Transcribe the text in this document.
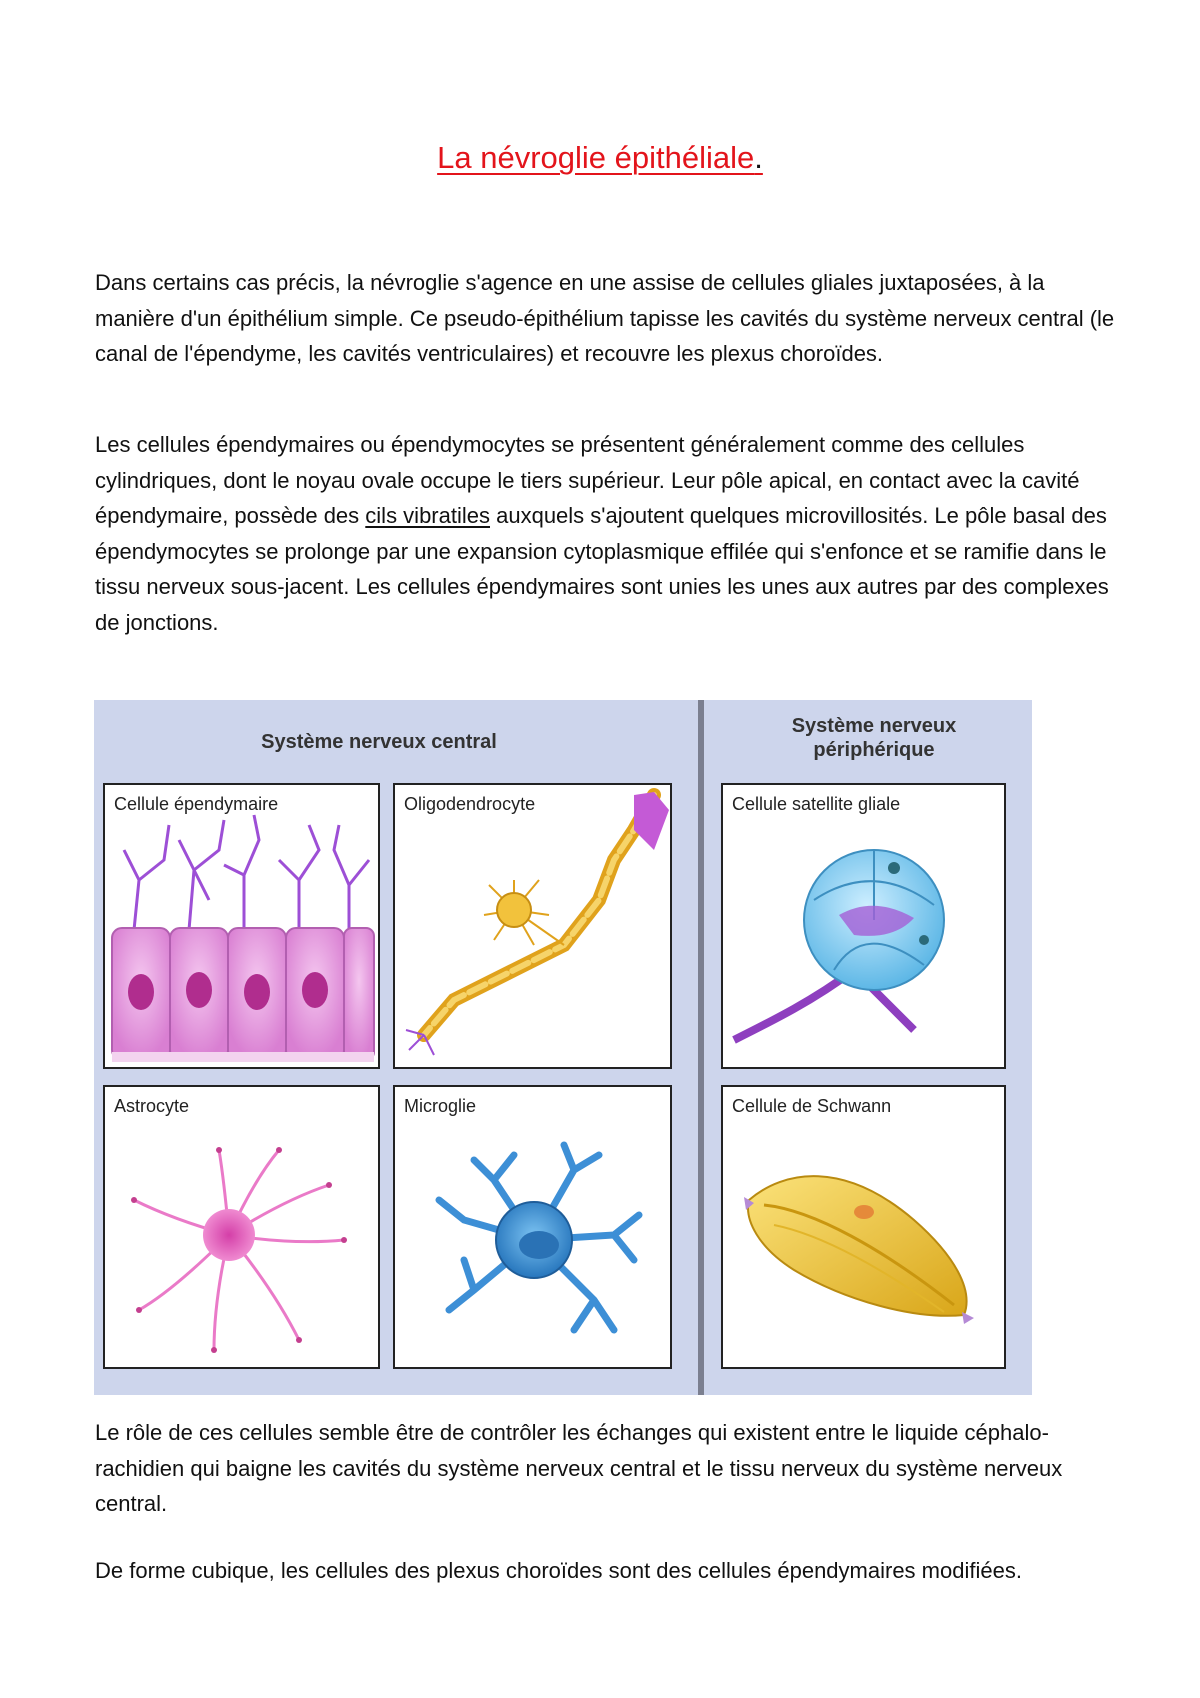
La névroglie épithéliale.

Dans certains cas précis, la névroglie s'agence en une assise de cellules gliales juxtaposées, à la manière d'un épithélium simple. Ce pseudo-épithélium tapisse les cavités du système nerveux central (le canal de l'épendyme, les cavités ventriculaires) et recouvre les plexus choroïdes.

Les cellules épendymaires ou épendymocytes se présentent généralement comme des cellules cylindriques, dont le noyau ovale occupe le tiers supérieur. Leur pôle apical, en contact avec la cavité épendymaire, possède des cils vibratiles auxquels s'ajoutent quelques microvillosités. Le pôle basal des épendymocytes se prolonge par une expansion cytoplasmique effilée qui s'enfonce et se ramifie dans le tissu nerveux sous-jacent. Les cellules épendymaires sont unies les unes aux autres par des complexes de jonctions.

Système nerveux central
Système nerveux
périphérique
Cellule épendymaire	Oligodendrocyte	Cellule satellite gliale
Astrocyte	Microglie	Cellule de Schwann

Le rôle de ces cellules semble être de contrôler les échanges qui existent entre le liquide céphalo-rachidien qui baigne les cavités du système nerveux central et le tissu nerveux du système nerveux central.

De forme cubique, les cellules des plexus choroïdes sont des cellules épendymaires modifiées.
